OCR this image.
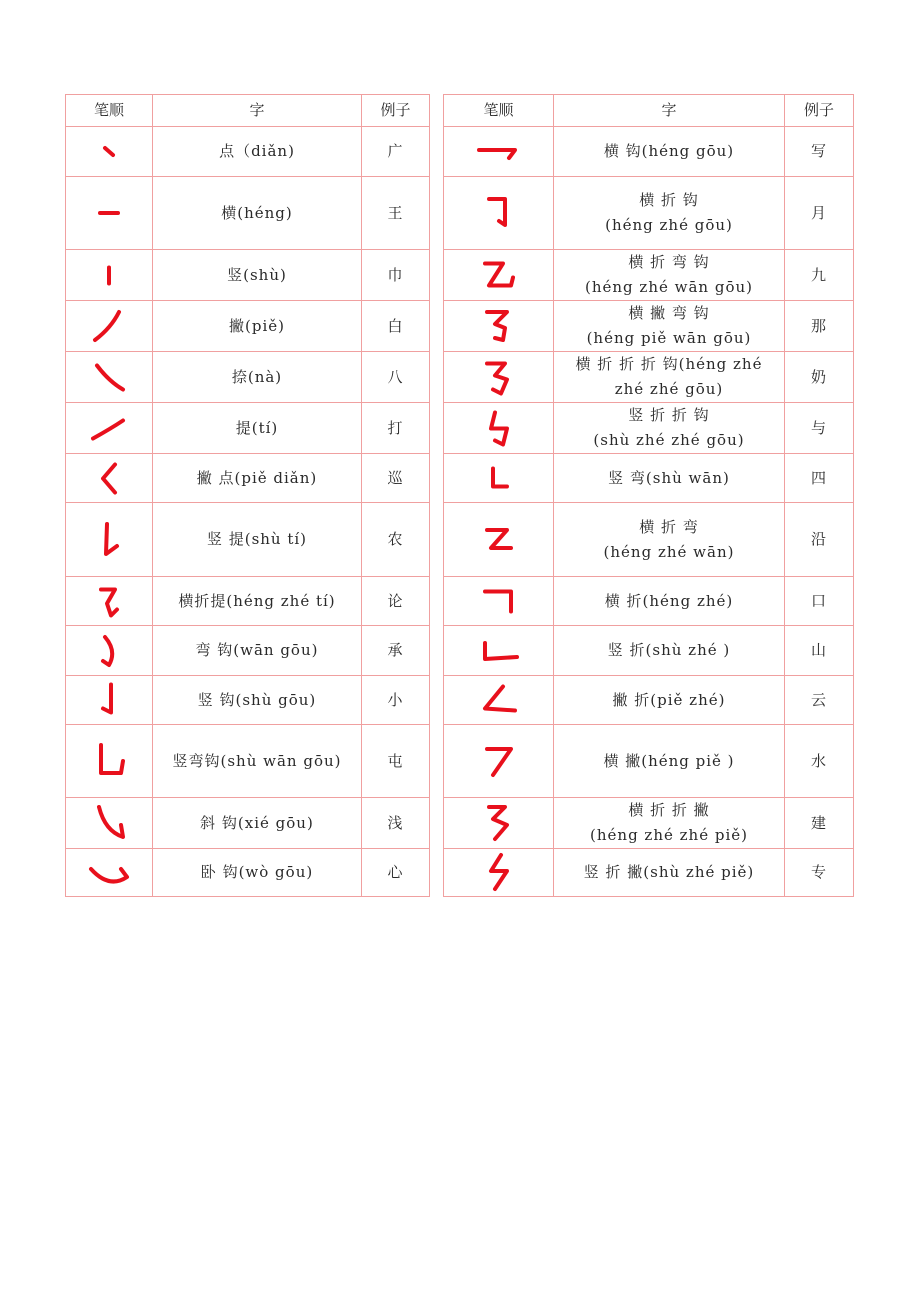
笔顺	字	例子		笔顺	字	例子

	点（diǎn)	广			横 钩(héng gōu)	写

	横(héng)	王			横 折 钩
(héng zhé gōu)	月

	竖(shù)	巾			横 折 弯 钩
(héng zhé wān gōu)	九

	撇(piě)	白			横 撇 弯 钩
(héng piě wān gōu)	那

	捺(nà)	八			横 折 折 折 钩(héng zhé
zhé zhé gōu)	奶

	提(tí)	打			竖 折 折 钩
(shù zhé zhé gōu)	与

	撇 点(piě diǎn)	巡			竖 弯(shù wān)	四

	竖 提(shù tí)	农			横 折 弯
(héng zhé wān)	沿

	横折提(héng zhé tí)	论			横 折(héng zhé)	口

	弯 钩(wān gōu)	承			竖 折(shù zhé )	山

	竖 钩(shù gōu)	小			撇 折(piě zhé)	云

	竖弯钩(shù wān gōu)	屯			横 撇(héng piě )	水

	斜 钩(xié gōu)	浅			横 折 折 撇
(héng zhé zhé piě)	建

	卧 钩(wò gōu)	心			竖 折 撇(shù zhé piě)	专
